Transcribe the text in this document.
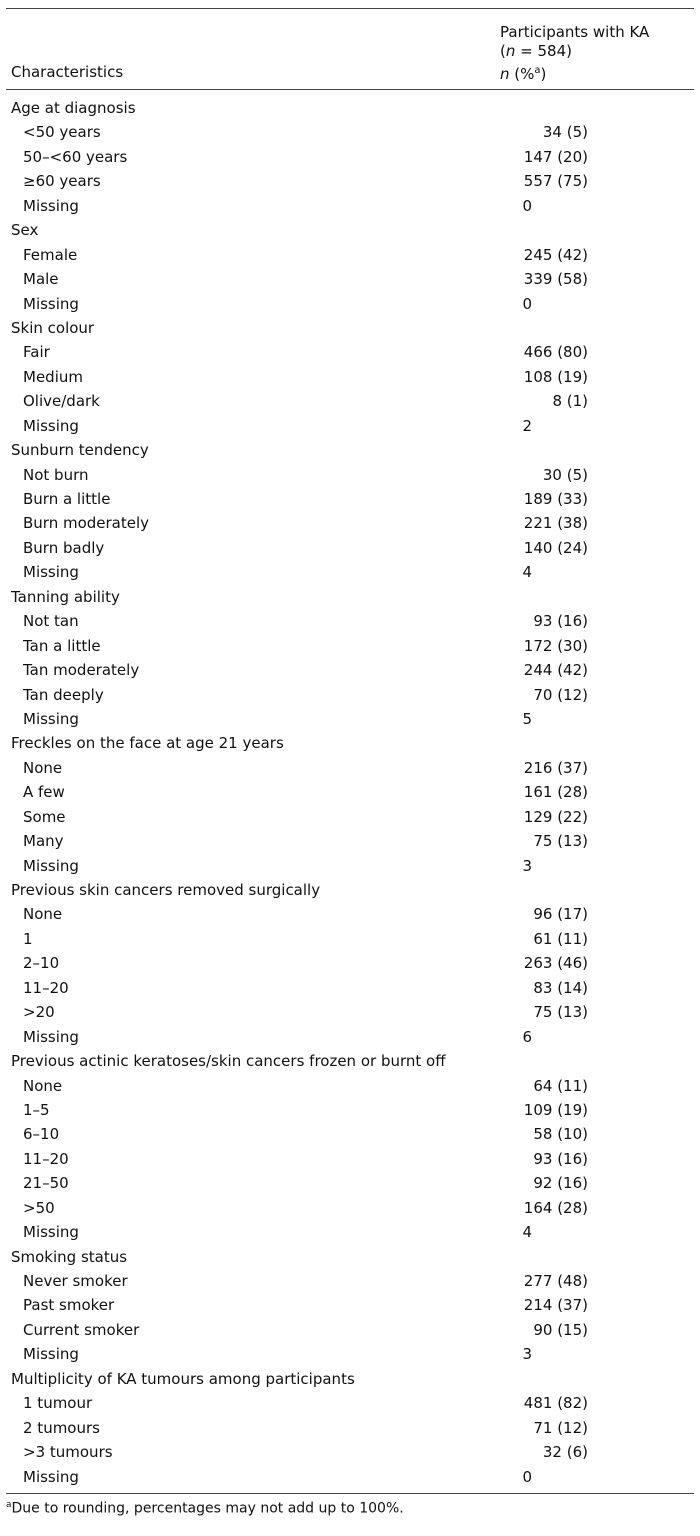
Characteristics
Participants with KA
(n = 584)
n (%$^a$)
Age at diagnosis
<50 years	34 (5)
50–<60 years	147 (20)
≥60 years	557 (75)
Missing	0
Sex
Female	245 (42)
Male	339 (58)
Missing	0
Skin colour
Fair	466 (80)
Medium	108 (19)
Olive/dark	8 (1)
Missing	2
Sunburn tendency
Not burn	30 (5)
Burn a little	189 (33)
Burn moderately	221 (38)
Burn badly	140 (24)
Missing	4
Tanning ability
Not tan	93 (16)
Tan a little	172 (30)
Tan moderately	244 (42)
Tan deeply	70 (12)
Missing	5
Freckles on the face at age 21 years
None	216 (37)
A few	161 (28)
Some	129 (22)
Many	75 (13)
Missing	3
Previous skin cancers removed surgically
None	96 (17)
1	61 (11)
2–10	263 (46)
11–20	83 (14)
>20	75 (13)
Missing	6
Previous actinic keratoses/skin cancers frozen or burnt off
None	64 (11)
1–5	109 (19)
6–10	58 (10)
11–20	93 (16)
21–50	92 (16)
>50	164 (28)
Missing	4
Smoking status
Never smoker	277 (48)
Past smoker	214 (37)
Current smoker	90 (15)
Missing	3
Multiplicity of KA tumours among participants
1 tumour	481 (82)
2 tumours	71 (12)
>3 tumours	32 (6)
Missing	0
$^a$Due to rounding, percentages may not add up to 100%.
